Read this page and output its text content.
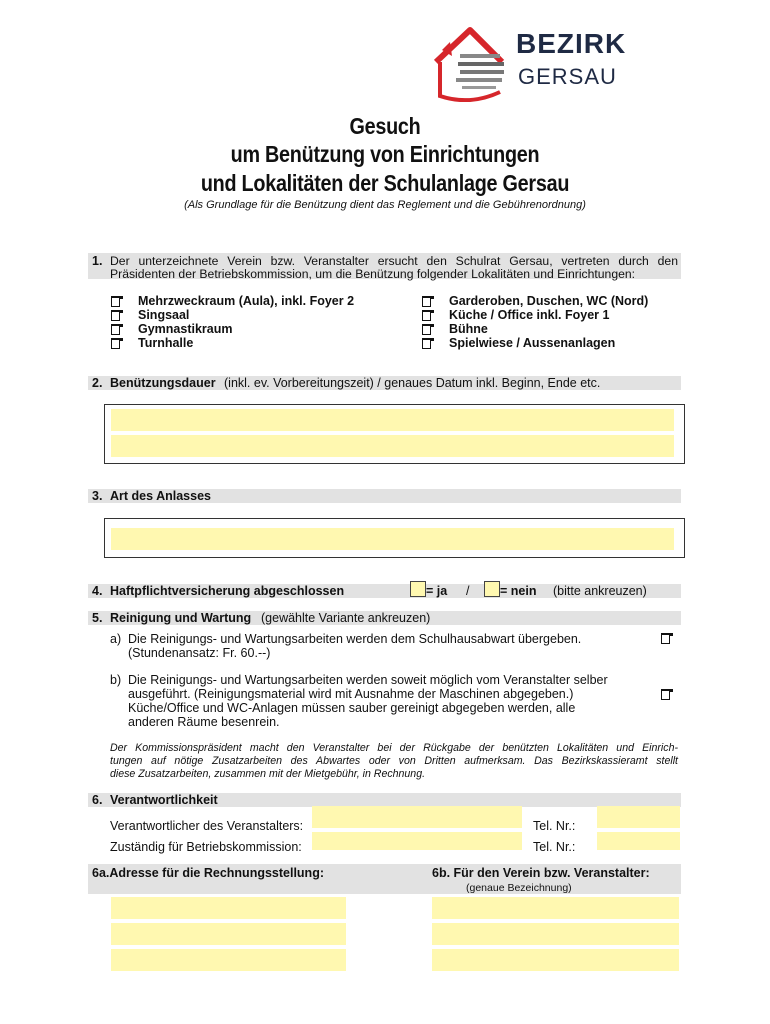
BEZIRK
GERSAU
Gesuch
um Benützung von Einrichtungen
und Lokalitäten der Schulanlage Gersau
(Als Grundlage für die Benützung dient das Reglement und die Gebührenordnung)
1. Der unterzeichnete Verein bzw. Veranstalter ersucht den Schulrat Gersau, vertreten durch den
Präsidenten der Betriebskommission, um die Benützung folgender Lokalitäten und Einrichtungen:
Mehrzweckraum (Aula), inkl. Foyer 2
Singsaal
Gymnastikraum
Turnhalle
Garderoben, Duschen, WC (Nord)
Küche / Office inkl. Foyer 1
Bühne
Spielwiese / Aussenanlagen
2. Benützungsdauer (inkl. ev. Vorbereitungszeit) / genaues Datum inkl. Beginn, Ende etc.
3. Art des Anlasses
4. Haftpflichtversicherung abgeschlossen	= ja / = nein (bitte ankreuzen)
5. Reinigung und Wartung (gewählte Variante ankreuzen)
a) Die Reinigungs- und Wartungsarbeiten werden dem Schulhausabwart übergeben.
(Stundenansatz: Fr. 60.--)
b) Die Reinigungs- und Wartungsarbeiten werden soweit möglich vom Veranstalter selber
ausgeführt. (Reinigungsmaterial wird mit Ausnahme der Maschinen abgegeben.)
Küche/Office und WC-Anlagen müssen sauber gereinigt abgegeben werden, alle
anderen Räume besenrein.
Der Kommissionspräsident macht den Veranstalter bei der Rückgabe der benützten Lokalitäten und Einrich-
tungen auf nötige Zusatzarbeiten des Abwartes oder von Dritten aufmerksam. Das Bezirkskassieramt stellt
diese Zusatzarbeiten, zusammen mit der Mietgebühr, in Rechnung.
6. Verantwortlichkeit
Verantwortlicher des Veranstalters:	Tel. Nr.:
Zuständig für Betriebskommission:	Tel. Nr.:
6a.Adresse für die Rechnungsstellung:	6b. Für den Verein bzw. Veranstalter:
(genaue Bezeichnung)
